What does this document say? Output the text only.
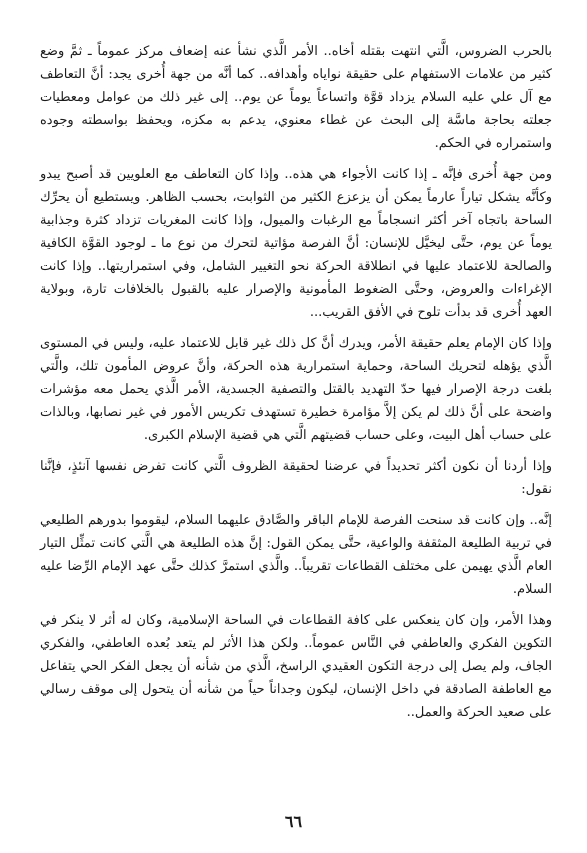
بالحرب الضروس، الَّتي انتهت بقتله أخاه.. الأمر الَّذي نشأ عنه إضعاف مركز عموماً ـ ثمَّ وضع كثير من علامات الاستفهام على حقيقة نواياه وأهدافه.. كما أنَّه من جهة أُخرى يجد: أنَّ التعاطف مع آل علي عليه السلام يزداد قوَّة واتساعاً يوماً عن يوم.. إلى غير ذلك من عوامل ومعطيات جعلته بحاجة ماسَّة إلى البحث عن غطاء معنوي، يدعم به مكزه، ويحفظ بواسطته وجوده واستمراره في الحكم.

ومن جهة أُخرى فإنَّه ـ إذا كانت الأجواء هي هذه.. وإذا كان التعاطف مع العلويين قد أصبح يبدو وكأنَّه يشكل تياراً عارماً يمكن أن يزعزع الكثير من الثوابت، بحسب الظاهر. ويستطيع أن يحرِّك الساحة باتجاه آخر أكثر انسجاماً مع الرغبات والميول، وإذا كانت المغريات تزداد كثرة وجذابية يوماً عن يوم، حتَّى ليخيَّل للإنسان: أنَّ الفرصة مؤاتية لتحرك من نوع ما ـ لوجود القوَّة الكافية والصالحة للاعتماد عليها في انطلاقة الحركة نحو التغيير الشامل، وفي استمراريتها.. وإذا كانت الإغراءات والعروض، وحتَّى الضغوط المأمونية والإصرار عليه بالقبول بالخلافات تارة، وبولاية العهد أُخرى قد بدأت تلوح في الأفق القريب...

وإذا كان الإمام يعلم حقيقة الأمر، ويدرك أنَّ كل ذلك غير قابل للاعتماد عليه، وليس في المستوى الَّذي يؤهله لتحريك الساحة، وحماية استمرارية هذه الحركة، وأنَّ عروض المأمون تلك، والَّتي بلغت درجة الإصرار فيها حدّ التهديد بالقتل والتصفية الجسدية، الأمر الَّذي يحمل معه مؤشرات واضحة على أنَّ ذلك لم يكن إلاَّ مؤامرة خطيرة تستهدف تكريس الأمور في غير نصابها، وبالذات على حساب أهل البيت، وعلى حساب قضيتهم الَّتي هي قضية الإسلام الكبرى.

وإذا أردنا أن نكون أكثر تحديداً في عرضنا لحقيقة الظروف الَّتي كانت تفرض نفسها آنئذٍ، فإنَّنا نقول:

إنَّه.. وإن كانت قد سنحت الفرصة للإمام الباقر والصَّادق عليهما السلام، ليقوموا بدورهم الطليعي في تربية الطليعة المثقفة والواعية، حتَّى يمكن القول: إنَّ هذه الطليعة هي الَّتي كانت تمثِّل التيار العام الَّذي يهيمن على مختلف القطاعات تقريباً.. والَّذي استمرَّ كذلك حتَّى عهد الإمام الرِّضا عليه السلام.

وهذا الأمر، وإن كان ينعكس على كافة القطاعات في الساحة الإسلامية، وكان له أثر لا ينكر في التكوين الفكري والعاطفي في النَّاس عموماً.. ولكن هذا الأثر لم يتعد بُعده العاطفي، والفكري الجاف، ولم يصل إلى درجة التكون العقيدي الراسخ، الَّذي من شأنه أن يجعل الفكر الحي يتفاعل مع العاطفة الصادقة في داخل الإنسان، ليكون وجداناً حياً من شأنه أن يتحول إلى موقف رسالي على صعيد الحركة والعمل..

٦٦
